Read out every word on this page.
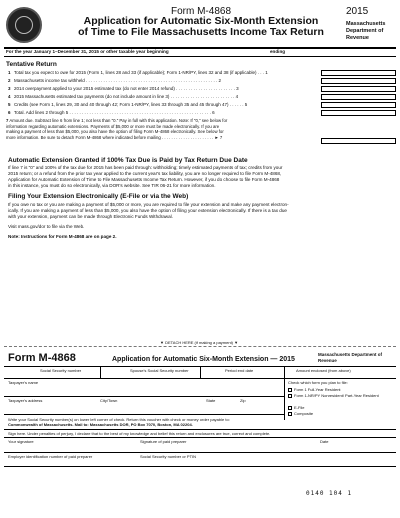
Form M-4868
Application for Automatic Six-Month Extension
of Time to File Massachusetts Income Tax Return
2015
Massachusetts Department of Revenue
For the year January 1–December 31, 2015 or other taxable year beginning	ending
Tentative Return
1 Total tax you expect to owe for 2015 (Form 1, lines 28 and 33 (if applicable); Form 1-NR/PY, lines 32 and 38 (if applicable) . . . 1
2 Massachusetts income tax withheld . . . . . . . . . . . . . . . . . . . . . . . . . . . . . . . . . . . . . . . . . . . . . . . . . . . . . 2
3 2014 overpayment applied to your 2015 estimated tax (do not enter 2014 refund) . . . . . . . . . . . . . . . . . . . . . . . . 3
4 2015 Massachusetts estimated tax payments (do not include amount in line 3) . . . . . . . . . . . . . . . . . . . . . . . . . . 4
5 Credits (see Form 1, lines 29, 30 and 40 through 42; Form 1-NR/PY, lines 33 through 35 and 45 through 47) . . . . . . 5
6 Total. Add lines 2 through 5 . . . . . . . . . . . . . . . . . . . . . . . . . . . . . . . . . . . . . . . . . . . . . . . . . . . . . . . . . 6
7 Amount due. Subtract line 6 from line 1; not less than "0." Pay in full with this application. Note: If "0," see below for
information regarding automatic extensions. Payments of $5,000 or more must be made electronically. If you are
making a payment of less than $5,000, you also have the option of filing Form M-4868 electronically. See below for
more information. Be sure to detach Form M-4868 where indicated before mailing . . . . . . . . . . . . . . . . . . . . . . ► 7
Automatic Extension Granted if 100% Tax Due is Paid by Tax Return Due Date
If line 7 is "0" and 100% of the tax due for 2015 has been paid through: withholding; timely estimated payments of tax; credits from your
2015 return; or a refund from the prior tax year applied to the current year's tax liability, you are no longer required to file Form M-4868,
Application for Automatic Extension of Time to File Massachusetts Income Tax Return. However, if you do choose to file Form M-4868
in this instance, you must do so electronically, via DOR's website. See TIR 06-21 for more information.
Filing Your Extension Electronically (E-File or via the Web)
If you owe no tax or you are making a payment of $5,000 or more, you are required to file your extension and make any payment electron-
ically. If you are making a payment of less than $5,000, you also have the option of filing your extension electronically. If there is a tax due
with your extension, payment can be made through Electronic Funds Withdrawal.
Visit mass.gov/dor to file via the Web.
Note: Instructions for Form M-4868 are on page 2.
▼ DETACH HERE (if making a payment) ▼
Form M-4868	Application for Automatic Six-Month Extension — 2015
Massachusetts Department of Revenue
Social Security number	Spouse's Social Security number	Period end date	Amount enclosed (from above)
Taxpayer's name
Taxpayer's address	City/Town	State	Zip
Check which form you plan to file:
Form 1 Full-Year Resident
Form 1-NR/PY Nonresident/ Part-Year Resident
E-File
Composite
Write your Social Security number(s) on lower left corner of check. Return this voucher with check or money order payable to:
Commonwealth of Massachusetts. Mail to: Massachusetts DOR, PO Box 7070, Boston, MA 02204.
Sign here. Under penalties of perjury, I declare that to the best of my knowledge and belief this return and enclosures are true, correct and complete.
Your signature	Signature of paid preparer	Date
Employer identification number of paid preparer	Social Security number or PTIN
0140 104 1
